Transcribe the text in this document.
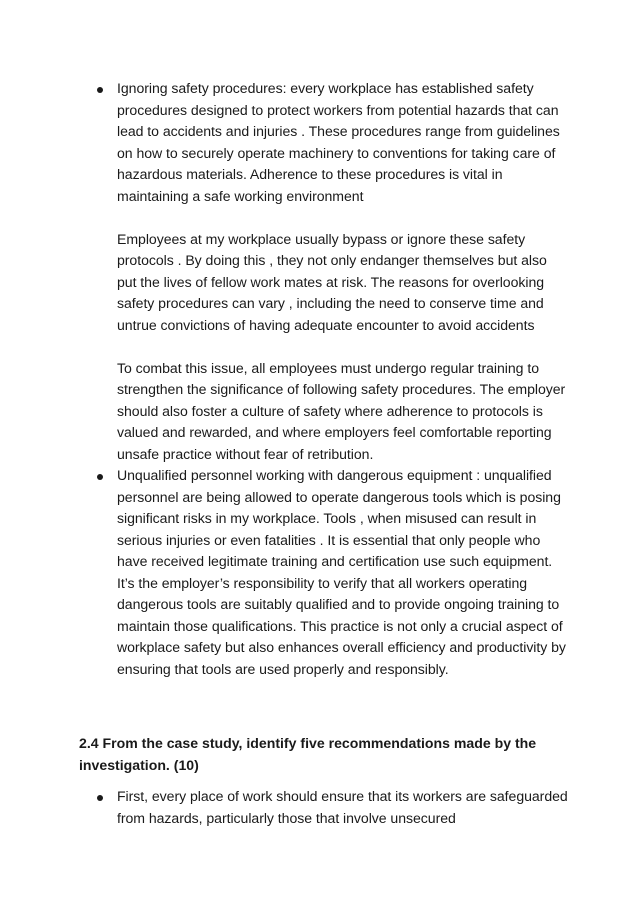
Ignoring safety procedures: every workplace has established safety procedures designed to protect workers from potential hazards that can lead to accidents and injuries . These procedures range from guidelines on how to securely operate machinery to conventions for taking care of hazardous materials. Adherence to these procedures is vital in maintaining a safe working environment

Employees at my workplace usually bypass or ignore these safety protocols . By doing this , they not only endanger themselves but also put the lives of fellow work mates at risk. The reasons for overlooking safety procedures can vary , including the need to conserve time and untrue convictions of having adequate encounter to avoid accidents

To combat this issue, all employees must undergo regular training to strengthen the significance of following safety procedures. The employer should also foster a culture of safety where adherence to protocols is valued and rewarded, and where employers feel comfortable reporting unsafe practice without fear of retribution.

Unqualified personnel working with dangerous equipment : unqualified personnel are being allowed to operate dangerous tools which is posing significant risks in my workplace. Tools , when misused can result in serious injuries or even fatalities . It is essential that only people who have received legitimate training and certification use such equipment. It’s the employer’s responsibility to verify that all workers operating dangerous tools are suitably qualified and to provide ongoing training to maintain those qualifications. This practice is not only a crucial aspect of workplace safety but also enhances overall efficiency and productivity by ensuring that tools are used properly and responsibly.

2.4 From the case study, identify five recommendations made by the investigation. (10)

First, every place of work should ensure that its workers are safeguarded from hazards, particularly those that involve unsecured
